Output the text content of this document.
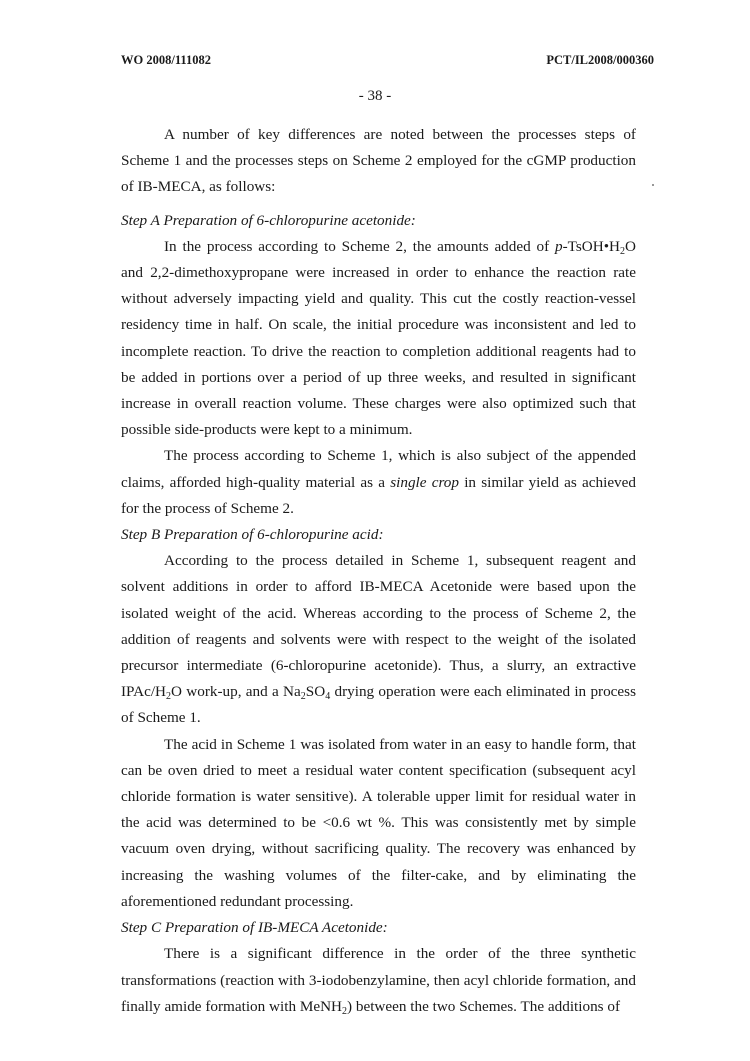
WO 2008/111082	PCT/IL2008/000360
- 38 -

A number of key differences are noted between the processes steps of Scheme 1 and the processes steps on Scheme 2 employed for the cGMP production of IB-MECA, as follows:

Step A Preparation of 6-chloropurine acetonide:

In the process according to Scheme 2, the amounts added of $p-TsOH•H_2O$ and 2,2-dimethoxypropane were increased in order to enhance the reaction rate without adversely impacting yield and quality. This cut the costly reaction-vessel residency time in half. On scale, the initial procedure was inconsistent and led to incomplete reaction. To drive the reaction to completion additional reagents had to be added in portions over a period of up three weeks, and resulted in significant increase in overall reaction volume. These charges were also optimized such that possible side-products were kept to a minimum.

The process according to Scheme 1, which is also subject of the appended claims, afforded high-quality material as a single crop in similar yield as achieved for the process of Scheme 2.

Step B Preparation of 6-chloropurine acid:

According to the process detailed in Scheme 1, subsequent reagent and solvent additions in order to afford IB-MECA Acetonide were based upon the isolated weight of the acid. Whereas according to the process of Scheme 2, the addition of reagents and solvents were with respect to the weight of the isolated precursor intermediate (6-chloropurine acetonide). Thus, a slurry, an extractive IPAc/$H_2O$ work-up, and a $Na_2SO_4$ drying operation were each eliminated in process of Scheme 1.

The acid in Scheme 1 was isolated from water in an easy to handle form, that can be oven dried to meet a residual water content specification (subsequent acyl chloride formation is water sensitive). A tolerable upper limit for residual water in the acid was determined to be <0.6 wt %. This was consistently met by simple vacuum oven drying, without sacrificing quality. The recovery was enhanced by increasing the washing volumes of the filter-cake, and by eliminating the aforementioned redundant processing.

Step C Preparation of IB-MECA Acetonide:

There is a significant difference in the order of the three synthetic transformations (reaction with 3-iodobenzylamine, then acyl chloride formation, and finally amide formation with MeNH$_2$) between the two Schemes. The additions of
